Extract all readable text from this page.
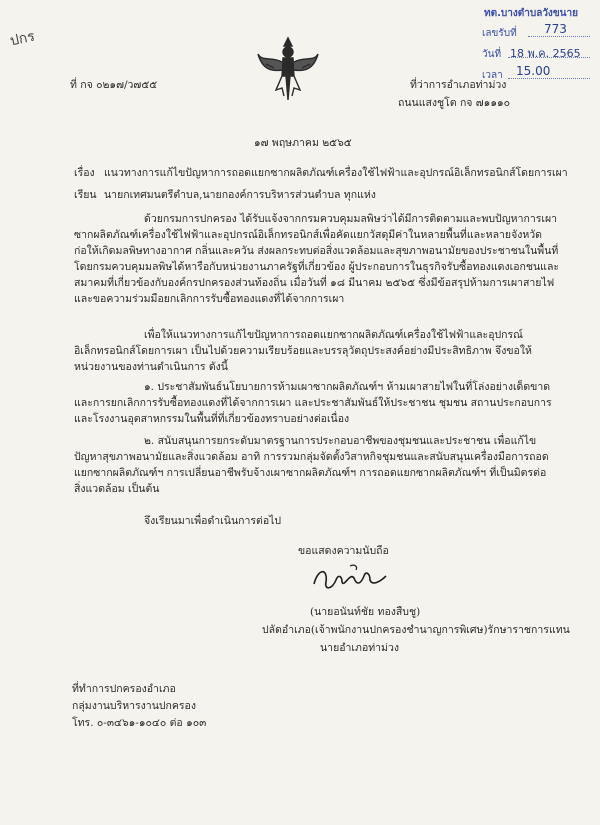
ปกร
ที่ กจ ๐๒๑๗/ว๗๕๕
ทต.บางตำบลวังขนาย
เลขรับที่ 773
วันที่ 18 พ.ค. 2565
เวลา 15.00
ที่ว่าการอำเภอท่าม่วง
ถนนแสงชูโต กจ ๗๑๑๑๐
๑๗ พฤษภาคม ๒๕๖๕
เรื่อง แนวทางการแก้ไขปัญหาการถอดแยกซากผลิตภัณฑ์เครื่องใช้ไฟฟ้าและอุปกรณ์อิเล็กทรอนิกส์โดยการเผา
เรียน นายกเทศมนตรีตำบล,นายกองค์การบริหารส่วนตำบล ทุกแห่ง
ด้วยกรมการปกครอง ได้รับแจ้งจากกรมควบคุมมลพิษว่าได้มีการติดตามและพบปัญหาการเผา
ซากผลิตภัณฑ์เครื่องใช้ไฟฟ้าและอุปกรณ์อิเล็กทรอนิกส์เพื่อคัดแยกวัสดุมีค่าในหลายพื้นที่และหลายจังหวัด
ก่อให้เกิดมลพิษทางอากาศ กลิ่นและควัน ส่งผลกระทบต่อสิ่งแวดล้อมและสุขภาพอนามัยของประชาชนในพื้นที่
โดยกรมควบคุมมลพิษได้หารือกับหน่วยงานภาครัฐที่เกี่ยวข้อง ผู้ประกอบการในธุรกิจรับซื้อทองแดงเอกชนและ
สมาคมที่เกี่ยวข้องกับองค์กรปกครองส่วนท้องถิ่น เมื่อวันที่ ๑๘ มีนาคม ๒๕๖๕ ซึ่งมีข้อสรุปห้ามการเผาสายไฟ
และขอความร่วมมือยกเลิกการรับซื้อทองแดงที่ได้จากการเผา
เพื่อให้แนวทางการแก้ไขปัญหาการถอดแยกซากผลิตภัณฑ์เครื่องใช้ไฟฟ้าและอุปกรณ์
อิเล็กทรอนิกส์โดยการเผา เป็นไปด้วยความเรียบร้อยและบรรลุวัตถุประสงค์อย่างมีประสิทธิภาพ จึงขอให้
หน่วยงานของท่านดำเนินการ ดังนี้
๑. ประชาสัมพันธ์นโยบายการห้ามเผาซากผลิตภัณฑ์ฯ ห้ามเผาสายไฟในที่โล่งอย่างเด็ดขาด
และการยกเลิกการรับซื้อทองแดงที่ได้จากการเผา และประชาสัมพันธ์ให้ประชาชน ชุมชน สถานประกอบการ
และโรงงานอุตสาหกรรมในพื้นที่ที่เกี่ยวข้องทราบอย่างต่อเนื่อง
๒. สนับสนุนการยกระดับมาตรฐานการประกอบอาชีพของชุมชนและประชาชน เพื่อแก้ไข
ปัญหาสุขภาพอนามัยและสิ่งแวดล้อม อาทิ การรวมกลุ่มจัดตั้งวิสาหกิจชุมชนและสนับสนุนเครื่องมือการถอด
แยกซากผลิตภัณฑ์ฯ การเปลี่ยนอาชีพรับจ้างเผาซากผลิตภัณฑ์ฯ การถอดแยกซากผลิตภัณฑ์ฯ ที่เป็นมิตรต่อ
สิ่งแวดล้อม เป็นต้น
จึงเรียนมาเพื่อดำเนินการต่อไป
ขอแสดงความนับถือ
(นายอนันท์ชัย ทองสืบชู)
ปลัดอำเภอ(เจ้าพนักงานปกครองชำนาญการพิเศษ)รักษาราชการแทน
นายอำเภอท่าม่วง
ที่ทำการปกครองอำเภอ
กลุ่มงานบริหารงานปกครอง
โทร. ๐-๓๔๖๑-๑๐๔๐ ต่อ ๑๐๓
